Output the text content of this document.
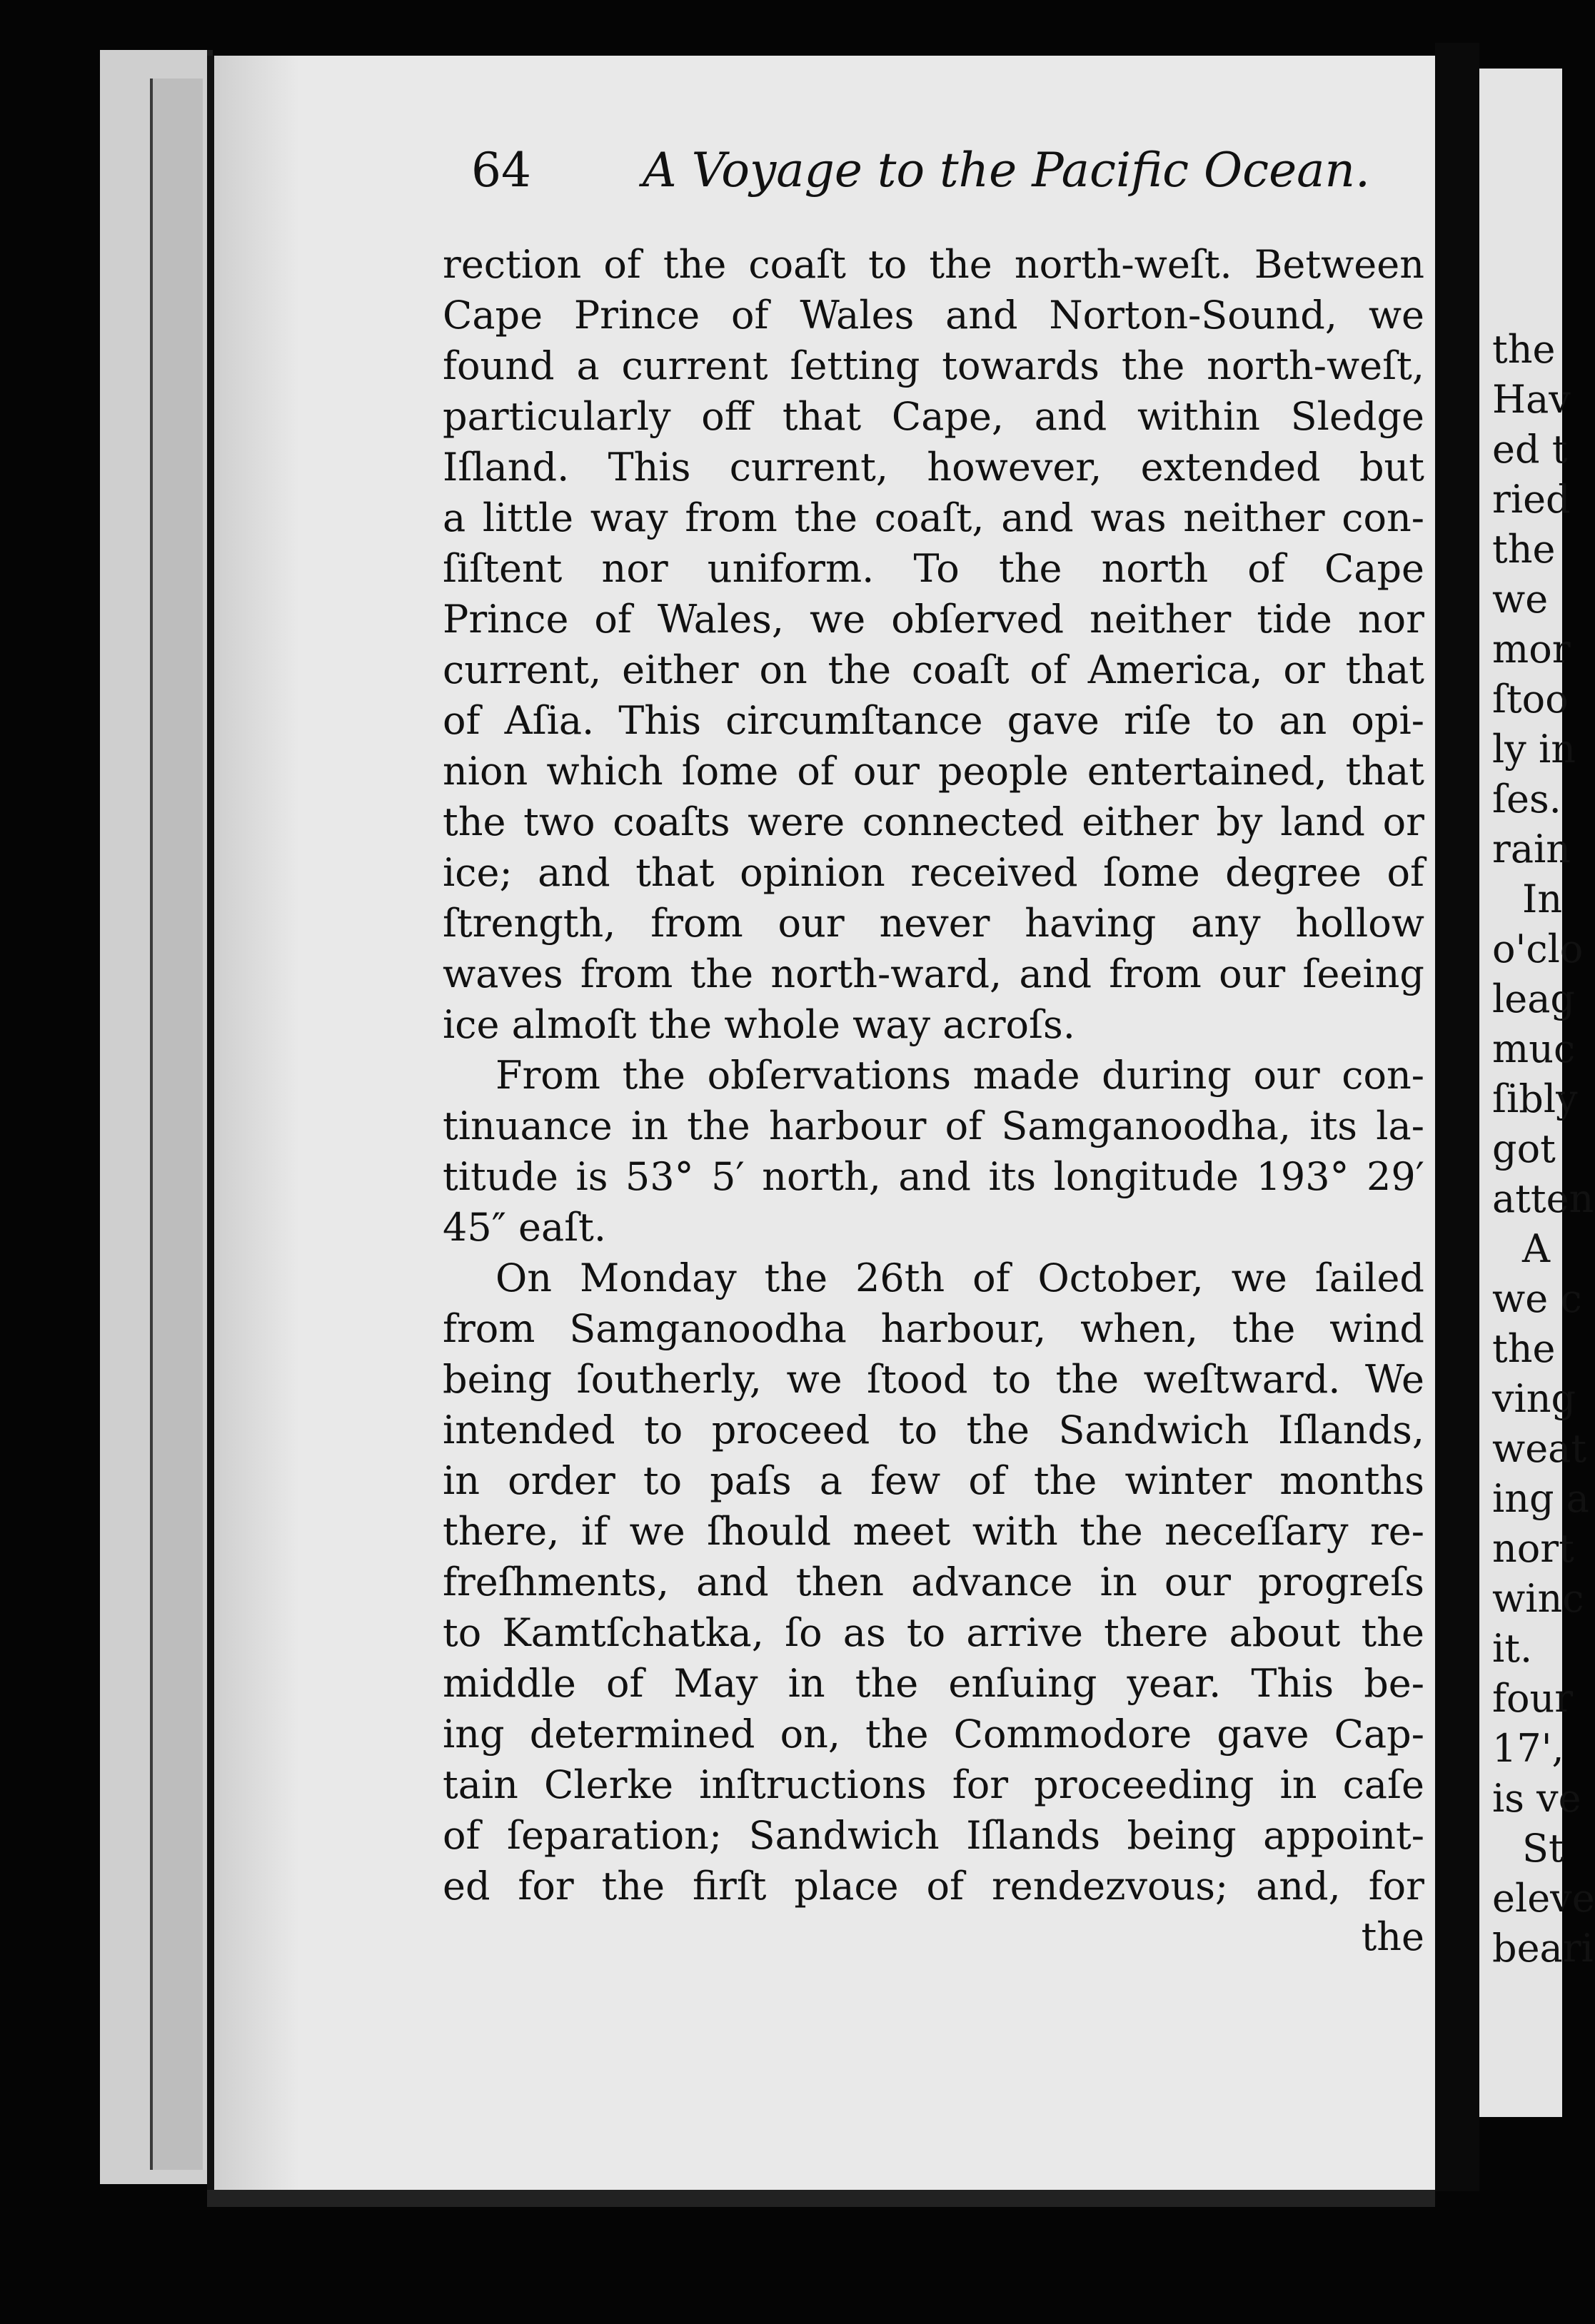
64 A Voyage to the Pacific Ocean.
rection of the coaſt to the north-weſt. Between
Cape Prince of Wales and Norton-Sound, we
found a current ſetting towards the north-weſt,
particularly off that Cape, and within Sledge
Iſland. This current, however, extended but
a little way from the coaſt, and was neither con-
ſiſtent nor uniform. To the north of Cape
Prince of Wales, we obſerved neither tide nor
current, either on the coaſt of America, or that
of Aſia. This circumſtance gave riſe to an opi-
nion which ſome of our people entertained, that
the two coaſts were connected either by land or
ice; and that opinion received ſome degree of
ſtrength, from our never having any hollow
waves from the north-ward, and from our ſeeing
ice almoſt the whole way acroſs.
From the obſervations made during our con-
tinuance in the harbour of Samganoodha, its la-
titude is 53° 5′ north, and its longitude 193° 29′
45″ eaſt.
On Monday the 26th of October, we ſailed
from Samganoodha harbour, when, the wind
being ſoutherly, we ſtood to the weſtward. We
intended to proceed to the Sandwich Iſlands,
in order to paſs a few of the winter months
there, if we ſhould meet with the neceſſary re-
freſhments, and then advance in our progreſs
to Kamtſchatka, ſo as to arrive there about the
middle of May in the enſuing year. This be-
ing determined on, the Commodore gave Cap-
tain Clerke inſtructions for proceeding in caſe
of ſeparation; Sandwich Iſlands being appoint-
ed for the firſt place of rendezvous; and, for
the
the
Hav
ed t
ried
the
we
mor
ſtoo
ly in
ſes.
rain
In
o'clo
leag
muc
ſibly
got
atten
A
we c
the
ving
weat
ing a
nort
winc
it.
four
17',
is ve
St
eleve
beari
